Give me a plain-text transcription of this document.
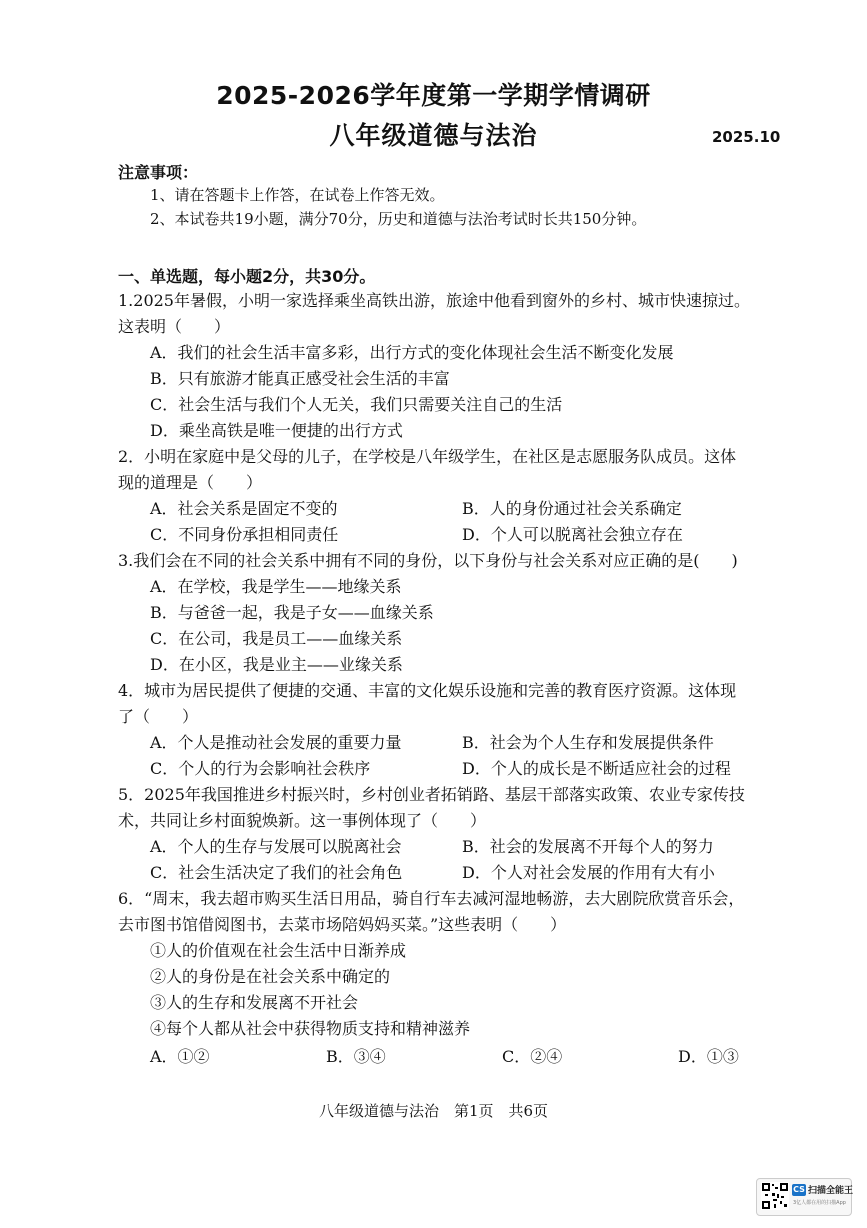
2025-2026学年度第一学期学情调研
八年级道德与法治	2025.10
注意事项：
1、请在答题卡上作答，在试卷上作答无效。
2、本试卷共19小题，满分70分，历史和道德与法治考试时长共150分钟。
一、单选题，每小题2分，共30分。
1.2025年暑假，小明一家选择乘坐高铁出游，旅途中他看到窗外的乡村、城市快速掠过。
这表明（　　）
A．我们的社会生活丰富多彩，出行方式的变化体现社会生活不断变化发展
B．只有旅游才能真正感受社会生活的丰富
C．社会生活与我们个人无关，我们只需要关注自己的生活
D．乘坐高铁是唯一便捷的出行方式
2．小明在家庭中是父母的儿子，在学校是八年级学生，在社区是志愿服务队成员。这体
现的道理是（　　）
A．社会关系是固定不变的	B．人的身份通过社会关系确定
C．不同身份承担相同责任	D．个人可以脱离社会独立存在
3.我们会在不同的社会关系中拥有不同的身份，以下身份与社会关系对应正确的是(　　)
A．在学校，我是学生——地缘关系
B．与爸爸一起，我是子女——血缘关系
C．在公司，我是员工——血缘关系
D．在小区，我是业主——业缘关系
4．城市为居民提供了便捷的交通、丰富的文化娱乐设施和完善的教育医疗资源。这体现
了（　　）
A．个人是推动社会发展的重要力量	B．社会为个人生存和发展提供条件
C．个人的行为会影响社会秩序	D．个人的成长是不断适应社会的过程
5．2025年我国推进乡村振兴时，乡村创业者拓销路、基层干部落实政策、农业专家传技
术，共同让乡村面貌焕新。这一事例体现了（　　）
A．个人的生存与发展可以脱离社会	B．社会的发展离不开每个人的努力
C．社会生活决定了我们的社会角色	D．个人对社会发展的作用有大有小
6．“周末，我去超市购买生活日用品，骑自行车去减河湿地畅游，去大剧院欣赏音乐会，
去市图书馆借阅图书，去菜市场陪妈妈买菜。”这些表明（　　）
①人的价值观在社会生活中日渐养成
②人的身份是在社会关系中确定的
③人的生存和发展离不开社会
④每个人都从社会中获得物质支持和精神滋养
A．①②	B．③④	C．②④	D．①③
八年级道德与法治　第1页　共6页
CS 扫描全能王
3亿人都在用的扫描App
